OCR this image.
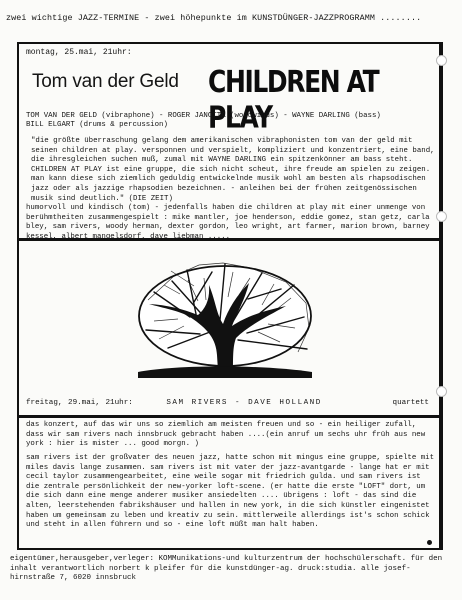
zwei wichtige JAZZ-TERMINE - zwei höhepunkte im KUNSTDÜNGER-JAZZPROGRAMM ........
montag, 25.mai, 21uhr:
Tom van der Geld CHILDREN AT PLAY
TOM VAN DER GELD (vibraphone) - ROGER JANOTTA (woodwinds) - WAYNE DARLING (bass)
BILL ELGART (drums & percussion)
"die größte überraschung gelang dem amerikanischen vibraphonisten tom van der geld mit seinen children at play. versponnen und verspielt, kompliziert und konzentriert, eine band, die ihresgleichen suchen muß, zumal mit WAYNE DARLING ein spitzenkönner am bass steht. CHILDREN AT PLAY ist eine gruppe, die sich nicht scheut, ihre freude am spielen zu zeigen. man kann diese sich ziemlich geduldig entwickelnde musik wohl am besten als rhapsodischen jazz oder als jazzige rhapsodien bezeichnen. - anleihen bei der frühen zeitgenössischen musik sind deutlich." (DIE ZEIT)
humorvoll und kindisch (tom) - jedenfalls haben die children at play mit einer unmenge von berühmtheiten zusammengespielt : mike mantler, joe henderson, eddie gomez, stan getz, carla bley, sam rivers, woody herman, dexter gordon, leo wright, art farmer, marion brown, barney kessel, albert mangelsdorf, dave liebman .....
freitag, 29.mai, 21uhr:	SAM RIVERS - DAVE HOLLAND	quartett
das konzert, auf das wir uns so ziemlich am meisten freuen und so - ein heiliger zufall, dass wir sam rivers nach innsbruck gebracht haben ....(ein anruf um sechs uhr früh aus new york : hier is mister ... good morgn. )
sam rivers ist der großvater des neuen jazz, hatte schon mit mingus eine gruppe, spielte mit miles davis lange zusammen. sam rivers ist mit vater der jazz-avantgarde - lange hat er mit cecil taylor zusammengearbeitet, eine weile sogar mit friedrich gulda. und sam rivers ist die zentrale persönlichkeit der new-yorker loft-scene. (er hatte die erste "LOFT" dort, um die sich dann eine menge anderer musiker ansiedelten .... übrigens : loft - das sind die alten, leerstehenden fabrikshäuser und hallen in new york, in die sich künstler eingenistet haben um gemeinsam zu leben und kreativ zu sein. mittlerweile allerdings ist's schon schick und steht in allen führern und so - eine loft müßt man halt haben.
eigentümer,herausgeber,verleger: KOMMunikations-und kulturzentrum der hochschülerschaft. für den inhalt verantwortlich norbert k pleifer für die kunstdünger-ag. druck:studia. alle josef-hirnstraße 7, 6020 innsbruck
